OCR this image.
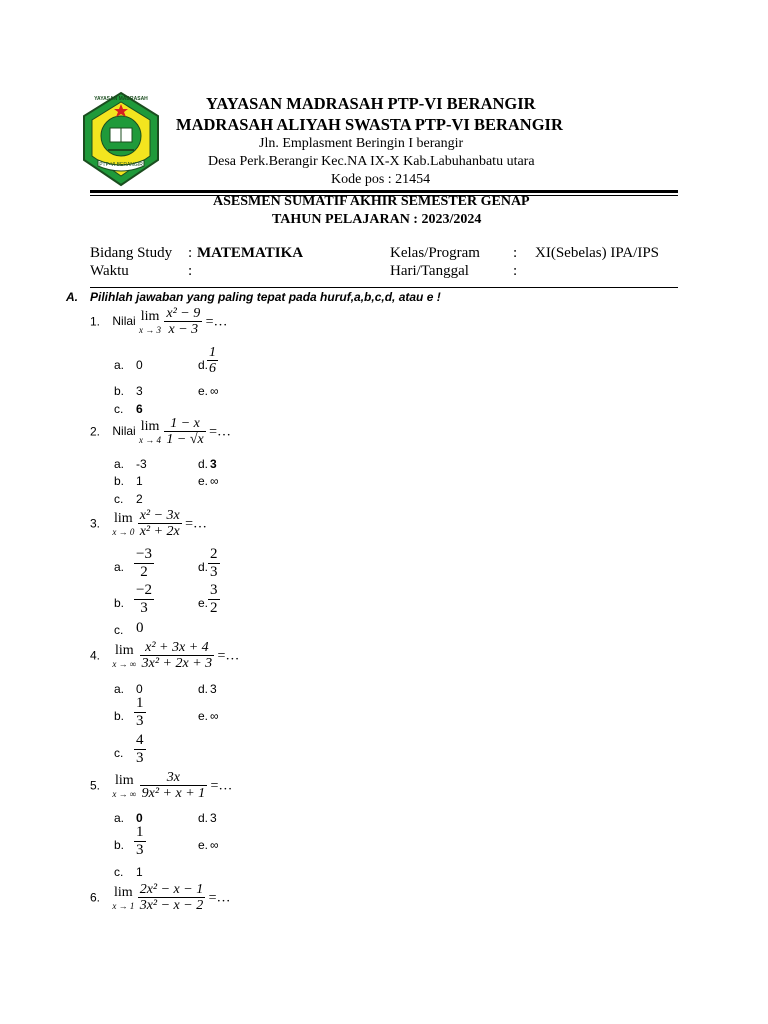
PTP-VI BERANGIR
YAYASAN MADRASAH	YAYASAN MADRASAH PTP-VI BERANGIR
MADRASAH ALIYAH SWASTA PTP-VI BERANGIR
Jln. Emplasment Beringin I berangir
Desa Perk.Berangir Kec.NA IX-X Kab.Labuhanbatu utara
Kode pos : 21454
ASESMEN SUMATIF AKHIR SEMESTER GENAP
TAHUN PELAJARAN : 2023/2024
Bidang Study : MATEMATIKA
Waktu	:
Kelas/Program : XI(Sebelas) IPA/IPS
Hari/Tanggal	:
A. Pilihlah jawaban yang paling tepat pada huruf,a,b,c,d, atau e !
1. Nilai lim
x → 3
$\frac{\text{x² − 9}}{x - 3}$ =…
a. 0
b. 3
c. 6
d.
$\frac{1}{6}$
e. ∞
2. Nilai lim
x → 4
$\frac{1 - x}{1 - √x}$ =…
a. -3
b. 1
c. 2
d. 3
e. ∞
3. lim
x → 0
$\frac{\text{x² − 3x}}{\text{x² + 2x}}$ =…
a. $\frac{-3}{2}$
b. $\frac{-2}{3}$
c. 0
d. $\frac{2}{3}$
e. $\frac{3}{2}$
4. lim
x → ∞
$\frac{\text{x² + 3x + 4}}{\text{3x² + 2x + 3}}$ =…
a. 0
b. $\frac{1}{3}$
c. $\frac{4}{3}$
d. 3
e. ∞
5. lim
x → ∞
$\frac{3x}{\text{9x² + x + 1}}$ =…
a. 0
b. $\frac{1}{3}$
c. 1
d. 3
e. ∞
6. lim
x → 1
$\frac{\text{2x² − x − 1}}{\text{3x² − x − 2}}$ =…
